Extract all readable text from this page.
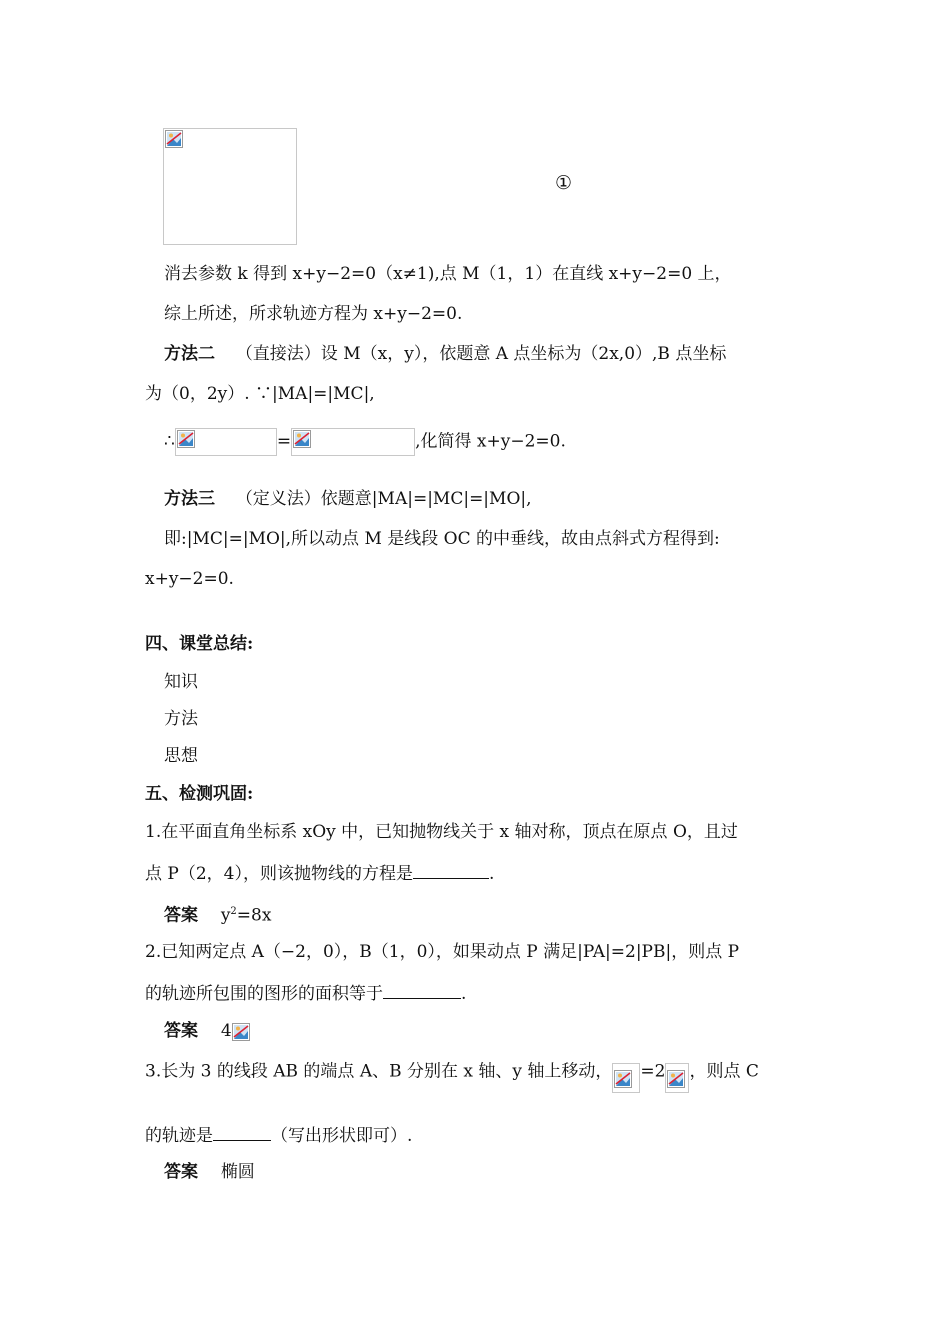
①
消去参数 k 得到 x+y−2=0（x≠1),点 M（1，1）在直线 x+y−2=0 上，
综上所述，所求轨迹方程为 x+y−2=0.
方法二 （直接法）设 M（x，y），依题意 A 点坐标为（2x,0）,B 点坐标
为（0，2y）. ∵|MA|=|MC|,
∴	=	,化简得 x+y−2=0.
方法三 （定义法）依题意|MA|=|MC|=|MO|,
即:|MC|=|MO|,所以动点 M 是线段 OC 的中垂线，故由点斜式方程得到:
x+y−2=0.
四、课堂总结:
知识
方法
思想
五、检测巩固:
1.在平面直角坐标系 xOy 中，已知抛物线关于 x 轴对称，顶点在原点 O，且过
点 P（2，4），则该抛物线的方程是	.
答案 $y^2=8x$
2.已知两定点 A（−2，0），B（1，0），如果动点 P 满足|PA|=2|PB|，则点 P
的轨迹所包围的图形的面积等于	.
答案 4
3.长为 3 的线段 AB 的端点 A、B 分别在 x 轴、y 轴上移动， =2 ，则点 C
的轨迹是	（写出形状即可）.
答案 椭圆
